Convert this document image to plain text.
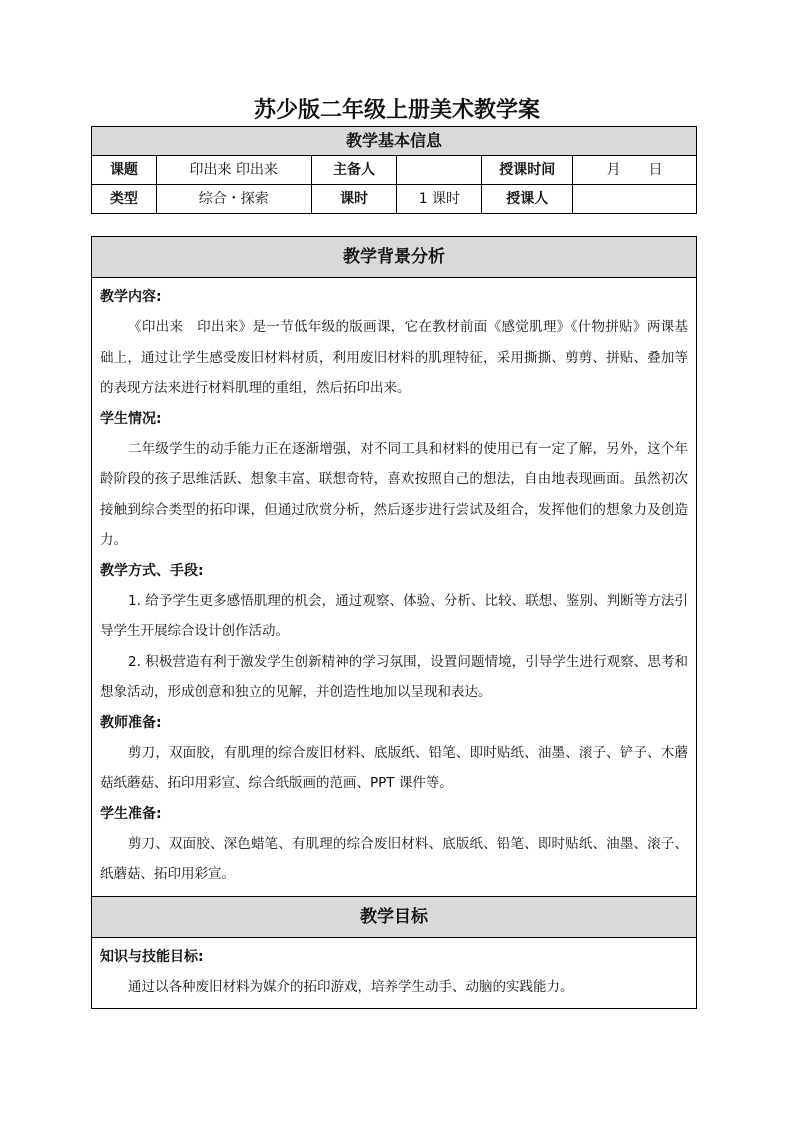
苏少版二年级上册美术教学案
教学基本信息					
课题	印出来 印出来	主备人		授课时间	月　　日
类型	综合・探索	课时	1 课时	授课人	
教学背景分析

教学内容:

《印出来　印出来》是一节低年级的版画课，它在教材前面《感觉肌理》《什物拼贴》两课基础上，通过让学生感受废旧材料材质，利用废旧材料的肌理特征，采用撕撕、剪剪、拼贴、叠加等的表现方法来进行材料肌理的重组，然后拓印出来。

学生情况:

二年级学生的动手能力正在逐渐增强，对不同工具和材料的使用已有一定了解，另外，这个年龄阶段的孩子思维活跃、想象丰富、联想奇特，喜欢按照自己的想法，自由地表现画面。虽然初次接触到综合类型的拓印课，但通过欣赏分析，然后逐步进行尝试及组合，发挥他们的想象力及创造力。

教学方式、手段:

1. 给予学生更多感悟肌理的机会，通过观察、体验、分析、比较、联想、鉴别、判断等方法引导学生开展综合设计创作活动。

2. 积极营造有利于激发学生创新精神的学习氛围，设置问题情境，引导学生进行观察、思考和想象活动，形成创意和独立的见解，并创造性地加以呈现和表达。

教师准备:

剪刀，双面胶，有肌理的综合废旧材料、底版纸、铅笔、即时贴纸、油墨、滚子、铲子、木蘑菇纸蘑菇、拓印用彩宣、综合纸版画的范画、PPT 课件等。

学生准备:

剪刀、双面胶、深色蜡笔、有肌理的综合废旧材料、底版纸、铅笔、即时贴纸、油墨、滚子、纸蘑菇、拓印用彩宣。

教学目标

知识与技能目标:

通过以各种废旧材料为媒介的拓印游戏，培养学生动手、动脑的实践能力。
